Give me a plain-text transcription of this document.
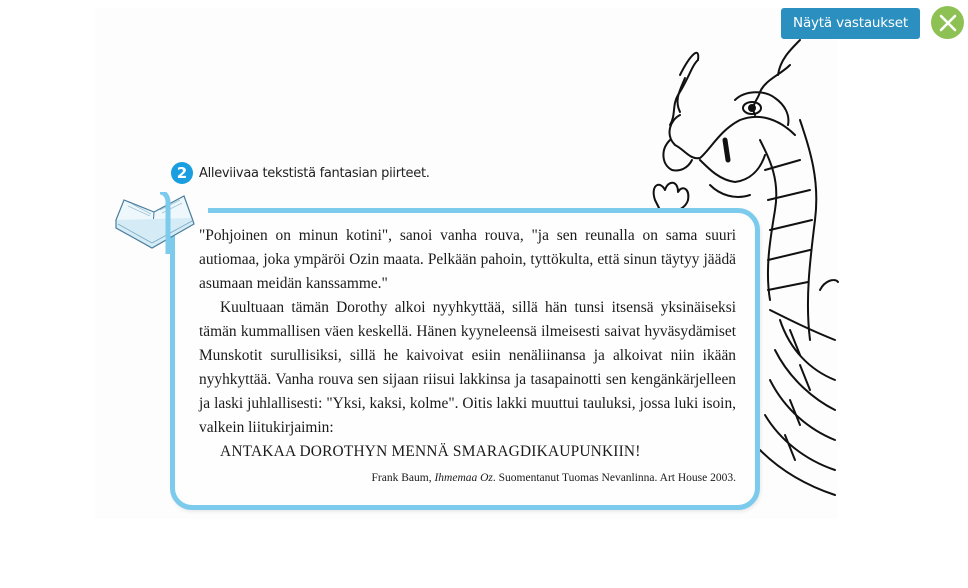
2 Alleviivaa tekstistä fantasian piirteet.

"Pohjoinen on minun kotini", sanoi vanha rouva, "ja sen reunalla on sama suuri autiomaa, joka ympäröi Ozin maata. Pelkään pahoin, tyttökulta, että sinun täytyy jäädä asumaan meidän kanssamme."

Kuultuaan tämän Dorothy alkoi nyyhkyttää, sillä hän tunsi itsensä yksinäiseksi tämän kummallisen väen keskellä. Hänen kyyneleensä ilmeisesti saivat hyväsydämiset Munskotit surullisiksi, sillä he kaivoivat esiin nenäliinansa ja alkoivat niin ikään nyyhkyttää. Vanha rouva sen sijaan riisui lakkinsa ja tasapainotti sen kengänkärjelleen ja laski juhlallisesti: "Yksi, kaksi, kolme". Oitis lakki muuttui tauluksi, jossa luki isoin, valkein liitukirjaimin:

ANTAKAA DOROTHYN MENNÄ SMARAGDIKAUPUNKIIN!

Frank Baum, Ihmemaa Oz. Suomentanut Tuomas Nevanlinna. Art House 2003.
Näytä vastaukset
